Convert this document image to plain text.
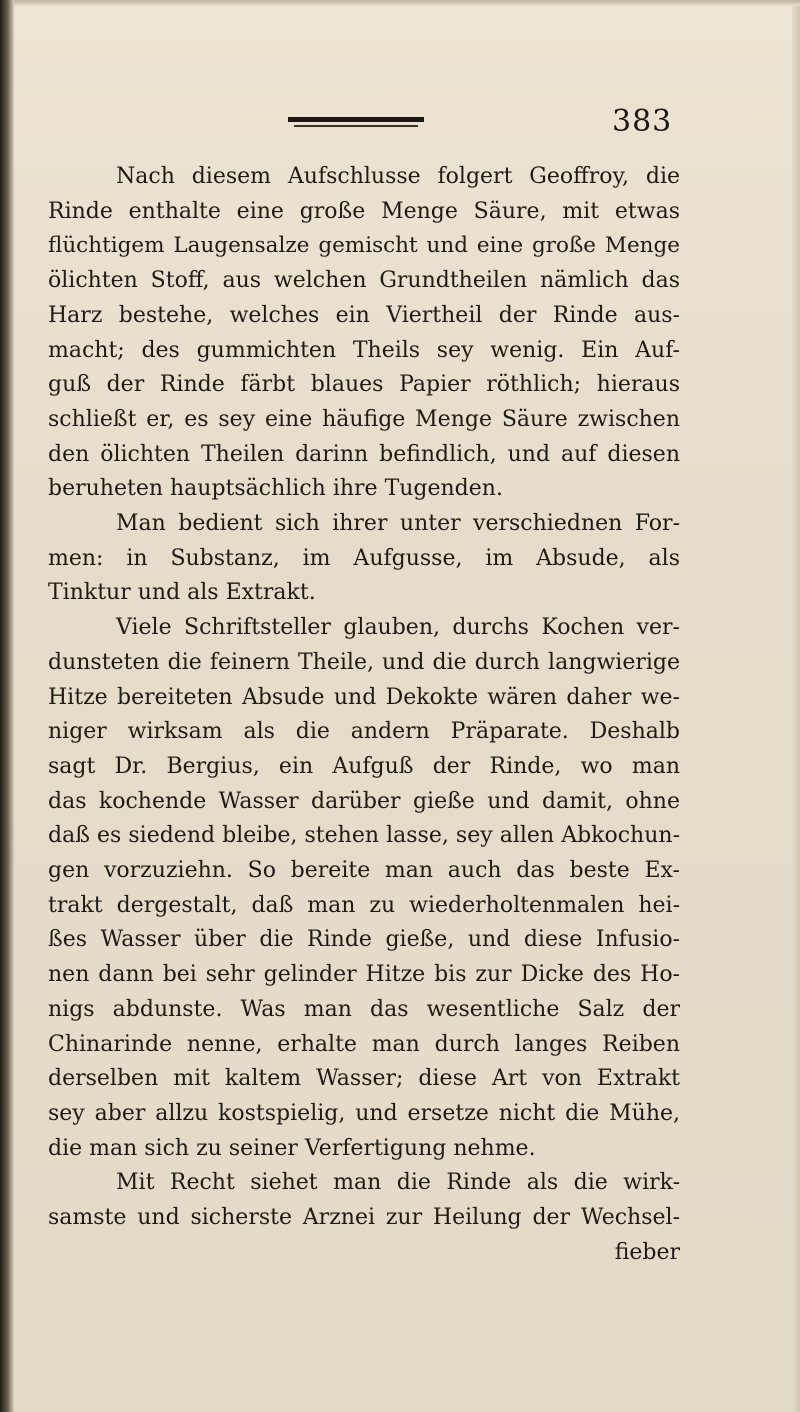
383
Nach diesem Aufschlusse folgert Geoffroy, die
Rinde enthalte eine große Menge Säure, mit etwas
flüchtigem Laugensalze gemischt und eine große Menge
ölichten Stoff, aus welchen Grundtheilen nämlich das
Harz bestehe, welches ein Viertheil der Rinde aus-
macht; des gummichten Theils sey wenig. Ein Auf-
guß der Rinde färbt blaues Papier röthlich; hieraus
schließt er, es sey eine häufige Menge Säure zwischen
den ölichten Theilen darinn befindlich, und auf diesen
beruheten hauptsächlich ihre Tugenden.
Man bedient sich ihrer unter verschiednen For-
men: in Substanz, im Aufgusse, im Absude, als
Tinktur und als Extrakt.
Viele Schriftsteller glauben, durchs Kochen ver-
dunsteten die feinern Theile, und die durch langwierige
Hitze bereiteten Absude und Dekokte wären daher we-
niger wirksam als die andern Präparate. Deshalb
sagt Dr. Bergius, ein Aufguß der Rinde, wo man
das kochende Wasser darüber gieße und damit, ohne
daß es siedend bleibe, stehen lasse, sey allen Abkochun-
gen vorzuziehn. So bereite man auch das beste Ex-
trakt dergestalt, daß man zu wiederholtenmalen hei-
ßes Wasser über die Rinde gieße, und diese Infusio-
nen dann bei sehr gelinder Hitze bis zur Dicke des Ho-
nigs abdunste. Was man das wesentliche Salz der
Chinarinde nenne, erhalte man durch langes Reiben
derselben mit kaltem Wasser; diese Art von Extrakt
sey aber allzu kostspielig, und ersetze nicht die Mühe,
die man sich zu seiner Verfertigung nehme.
Mit Recht siehet man die Rinde als die wirk-
samste und sicherste Arznei zur Heilung der Wechsel-
fieber
